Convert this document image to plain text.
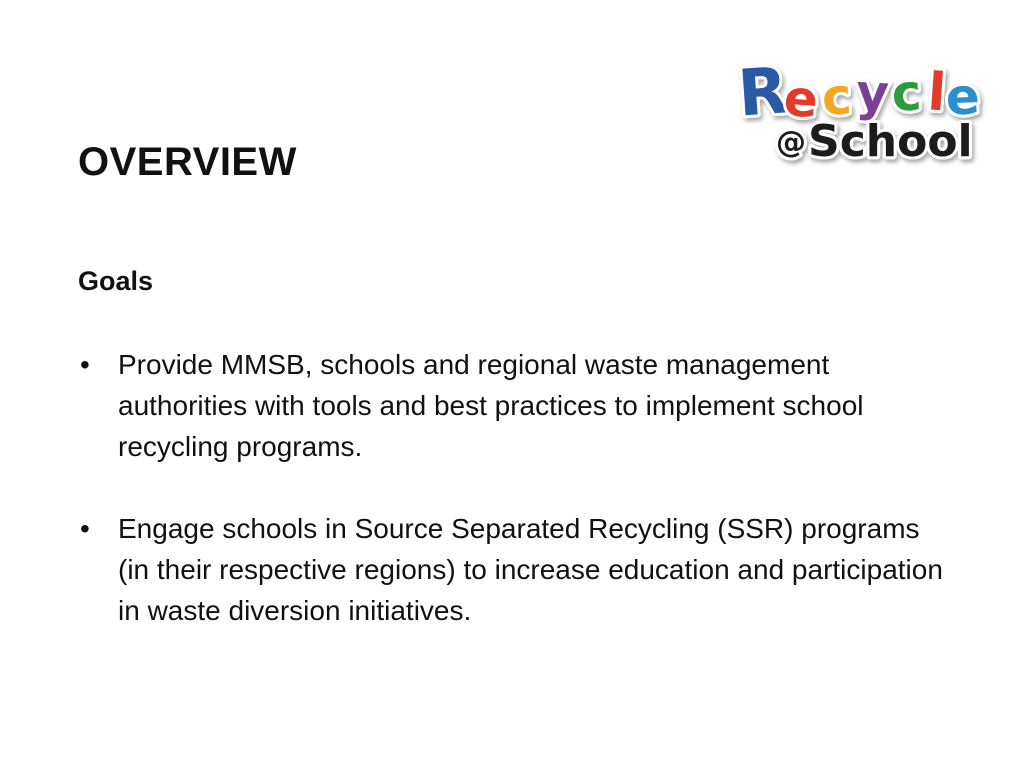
R
e c y c l
e
@ School
OVERVIEW
Goals
•	Provide MMSB, schools and regional waste management authorities with tools and best practices to implement school recycling programs.
•	Engage schools in Source Separated Recycling (SSR) programs (in their respective regions) to increase education and participation in waste diversion initiatives.
